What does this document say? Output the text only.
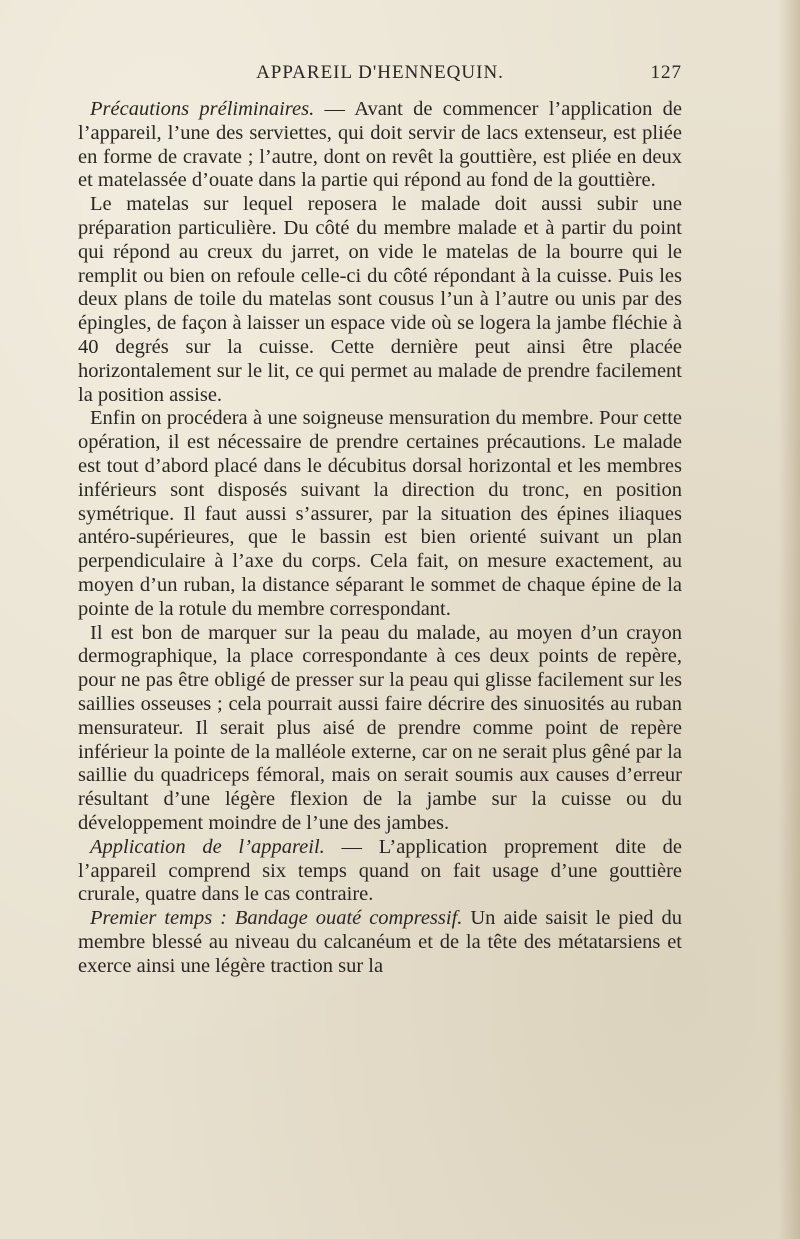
APPAREIL D'HENNEQUIN.	127

Précautions préliminaires. — Avant de commencer l’application de l’appareil, l’une des serviettes, qui doit servir de lacs extenseur, est pliée en forme de cravate ; l’autre, dont on revêt la gouttière, est pliée en deux et matelassée d’ouate dans la partie qui répond au fond de la gouttière.

Le matelas sur lequel reposera le malade doit aussi subir une préparation particulière. Du côté du membre malade et à partir du point qui répond au creux du jarret, on vide le matelas de la bourre qui le remplit ou bien on refoule celle-ci du côté répondant à la cuisse. Puis les deux plans de toile du matelas sont cousus l’un à l’autre ou unis par des épingles, de façon à laisser un espace vide où se logera la jambe fléchie à 40 degrés sur la cuisse. Cette dernière peut ainsi être placée horizontalement sur le lit, ce qui permet au malade de prendre facilement la position assise.

Enfin on procédera à une soigneuse mensuration du membre. Pour cette opération, il est nécessaire de prendre certaines précautions. Le malade est tout d’abord placé dans le décubitus dorsal horizontal et les membres inférieurs sont disposés suivant la direction du tronc, en position symétrique. Il faut aussi s’assurer, par la situation des épines iliaques antéro-supérieures, que le bassin est bien orienté suivant un plan perpendiculaire à l’axe du corps. Cela fait, on mesure exactement, au moyen d’un ruban, la distance séparant le sommet de chaque épine de la pointe de la rotule du membre correspondant.

Il est bon de marquer sur la peau du malade, au moyen d’un crayon dermographique, la place correspondante à ces deux points de repère, pour ne pas être obligé de presser sur la peau qui glisse facilement sur les saillies osseuses ; cela pourrait aussi faire décrire des sinuosités au ruban mensurateur. Il serait plus aisé de prendre comme point de repère inférieur la pointe de la malléole externe, car on ne serait plus gêné par la saillie du quadriceps fémoral, mais on serait soumis aux causes d’erreur résultant d’une légère flexion de la jambe sur la cuisse ou du développement moindre de l’une des jambes.

Application de l’appareil. — L’application proprement dite de l’appareil comprend six temps quand on fait usage d’une gouttière crurale, quatre dans le cas contraire.

Premier temps : Bandage ouaté compressif. Un aide saisit le pied du membre blessé au niveau du calcanéum et de la tête des métatarsiens et exerce ainsi une légère traction sur la
